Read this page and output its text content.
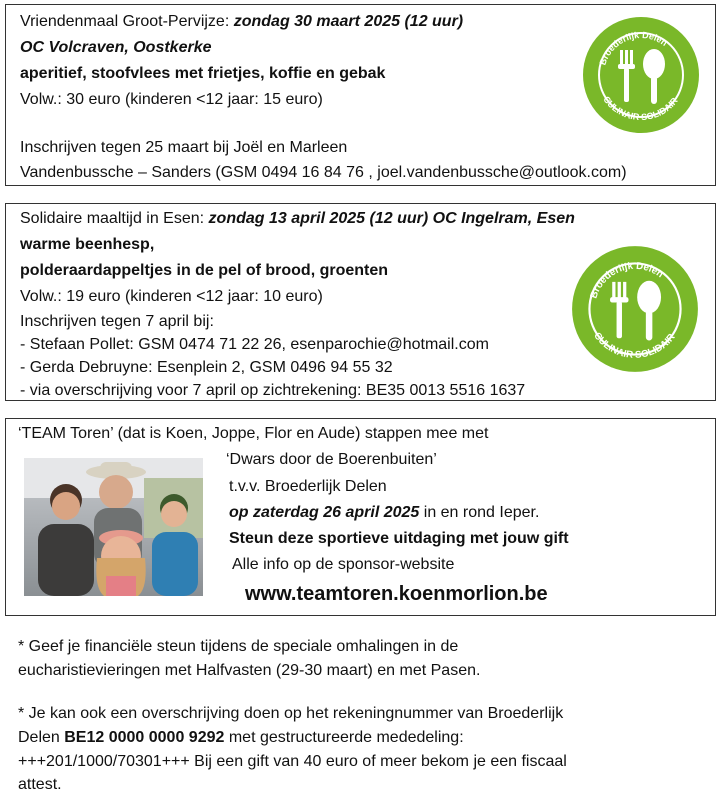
Vriendenmaal Groot-Pervijze: zondag 30 maart 2025 (12 uur)
OC Volcraven, Oostkerke
aperitief, stoofvlees met frietjes, koffie en gebak
Volw.: 30 euro (kinderen <12 jaar: 15 euro)
Inschrijven tegen 25 maart bij Joël en Marleen
Vandenbussche – Sanders (GSM 0494 16 84 76 , joel.vandenbussche@outlook.com)
Broederlijk Delen
CULINAIR SOLIDAIR
Solidaire maaltijd in Esen: zondag 13 april 2025 (12 uur) OC Ingelram, Esen
warme beenhesp,
polderaardappeltjes in de pel of brood, groenten
Volw.: 19 euro (kinderen <12 jaar: 10 euro)
Inschrijven tegen 7 april bij:
- Stefaan Pollet: GSM 0474 71 22 26, esenparochie@hotmail.com
- Gerda Debruyne: Esenplein 2, GSM 0496 94 55 32
- via overschrijving voor 7 april op zichtrekening: BE35 0013 5516 1637
Broederlijk Delen
CULINAIR SOLIDAIR
‘TEAM Toren’ (dat is Koen, Joppe, Flor en Aude) stappen mee met
‘Dwars door de Boerenbuiten’
t.v.v. Broederlijk Delen
op zaterdag 26 april 2025 in en rond Ieper.
Steun deze sportieve uitdaging met jouw gift
Alle info op de sponsor-website
www.teamtoren.koenmorlion.be
* Geef je financiële steun tijdens de speciale omhalingen in de
eucharistievieringen met Halfvasten (29-30 maart) en met Pasen.
* Je kan ook een overschrijving doen op het rekeningnummer van Broederlijk
Delen BE12 0000 0000 9292 met gestructureerde mededeling:
+++201/1000/70301+++ Bij een gift van 40 euro of meer bekom je een fiscaal
attest.
